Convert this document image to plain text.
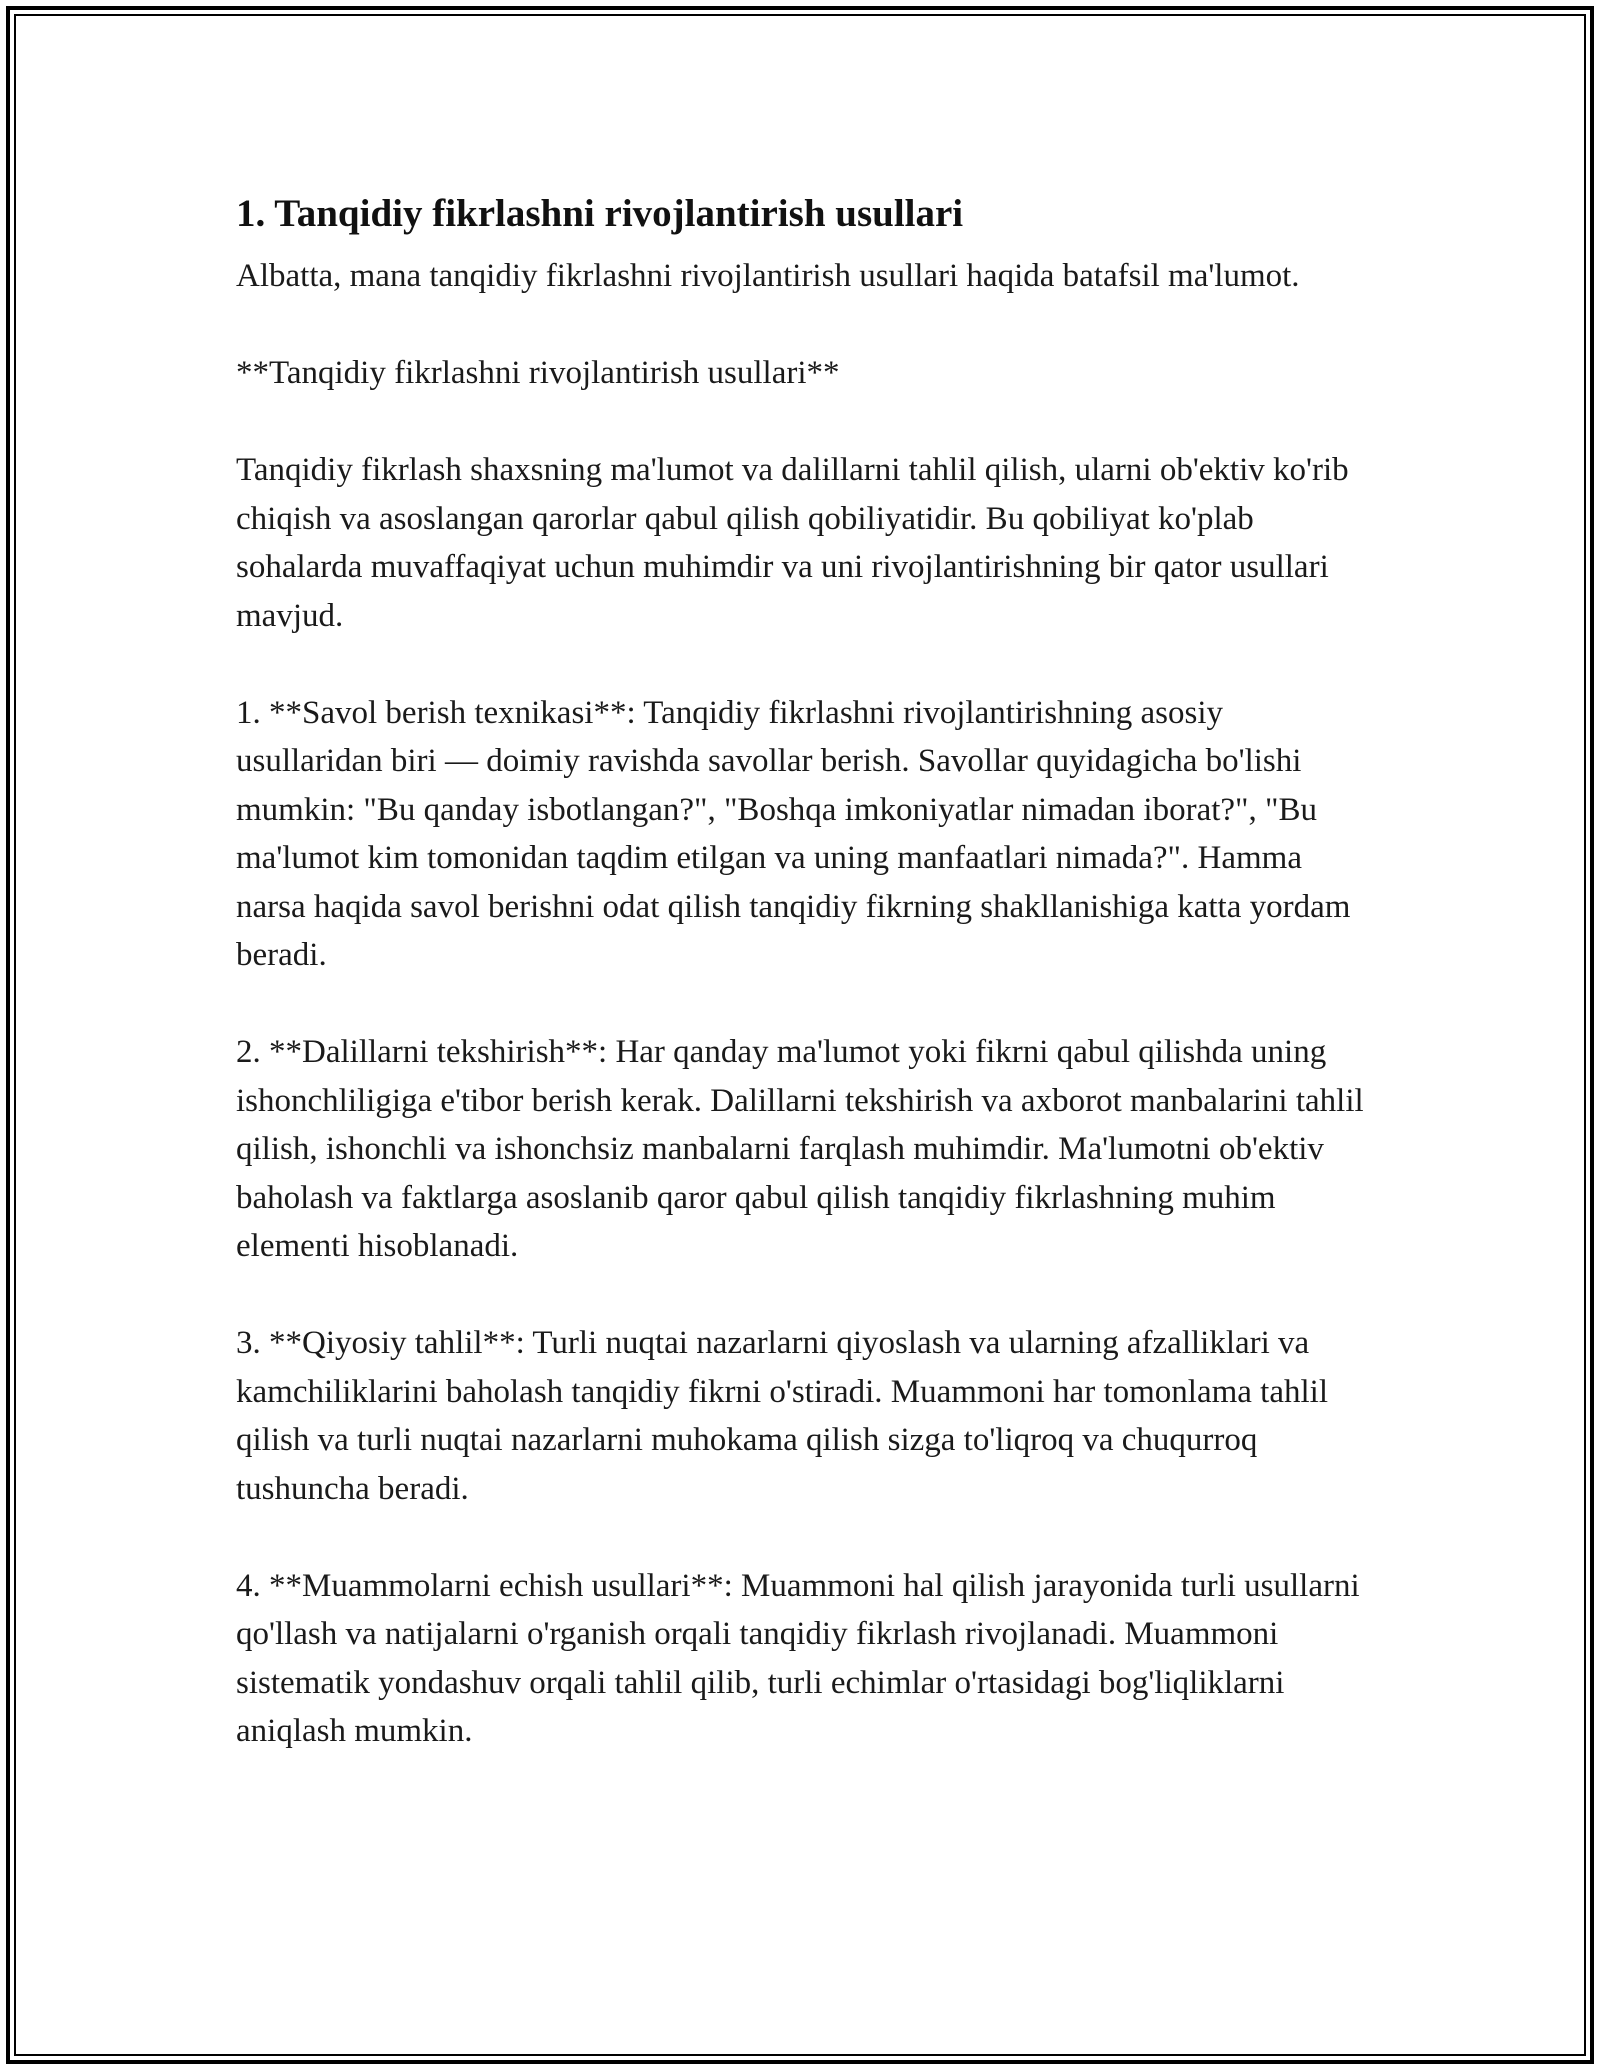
1. Tanqidiy fikrlashni rivojlantirish usullari

Albatta, mana tanqidiy fikrlashni rivojlantirish usullari haqida batafsil ma'lumot.

**Tanqidiy fikrlashni rivojlantirish usullari**

Tanqidiy fikrlash shaxsning ma'lumot va dalillarni tahlil qilish, ularni ob'ektiv ko'rib chiqish va asoslangan qarorlar qabul qilish qobiliyatidir. Bu qobiliyat ko'plab sohalarda muvaffaqiyat uchun muhimdir va uni rivojlantirishning bir qator usullari mavjud.

1. **Savol berish texnikasi**: Tanqidiy fikrlashni rivojlantirishning asosiy usullaridan biri — doimiy ravishda savollar berish. Savollar quyidagicha bo'lishi mumkin: "Bu qanday isbotlangan?", "Boshqa imkoniyatlar nimadan iborat?", "Bu ma'lumot kim tomonidan taqdim etilgan va uning manfaatlari nimada?". Hamma narsa haqida savol berishni odat qilish tanqidiy fikrning shakllanishiga katta yordam beradi.

2. **Dalillarni tekshirish**: Har qanday ma'lumot yoki fikrni qabul qilishda uning ishonchliligiga e'tibor berish kerak. Dalillarni tekshirish va axborot manbalarini tahlil qilish, ishonchli va ishonchsiz manbalarni farqlash muhimdir. Ma'lumotni ob'ektiv baholash va faktlarga asoslanib qaror qabul qilish tanqidiy fikrlashning muhim elementi hisoblanadi.

3. **Qiyosiy tahlil**: Turli nuqtai nazarlarni qiyoslash va ularning afzalliklari va kamchiliklarini baholash tanqidiy fikrni o'stiradi. Muammoni har tomonlama tahlil qilish va turli nuqtai nazarlarni muhokama qilish sizga to'liqroq va chuqurroq tushuncha beradi.

4. **Muammolarni echish usullari**: Muammoni hal qilish jarayonida turli usullarni qo'llash va natijalarni o'rganish orqali tanqidiy fikrlash rivojlanadi. Muammoni sistematik yondashuv orqali tahlil qilib, turli echimlar o'rtasidagi bog'liqliklarni aniqlash mumkin.
